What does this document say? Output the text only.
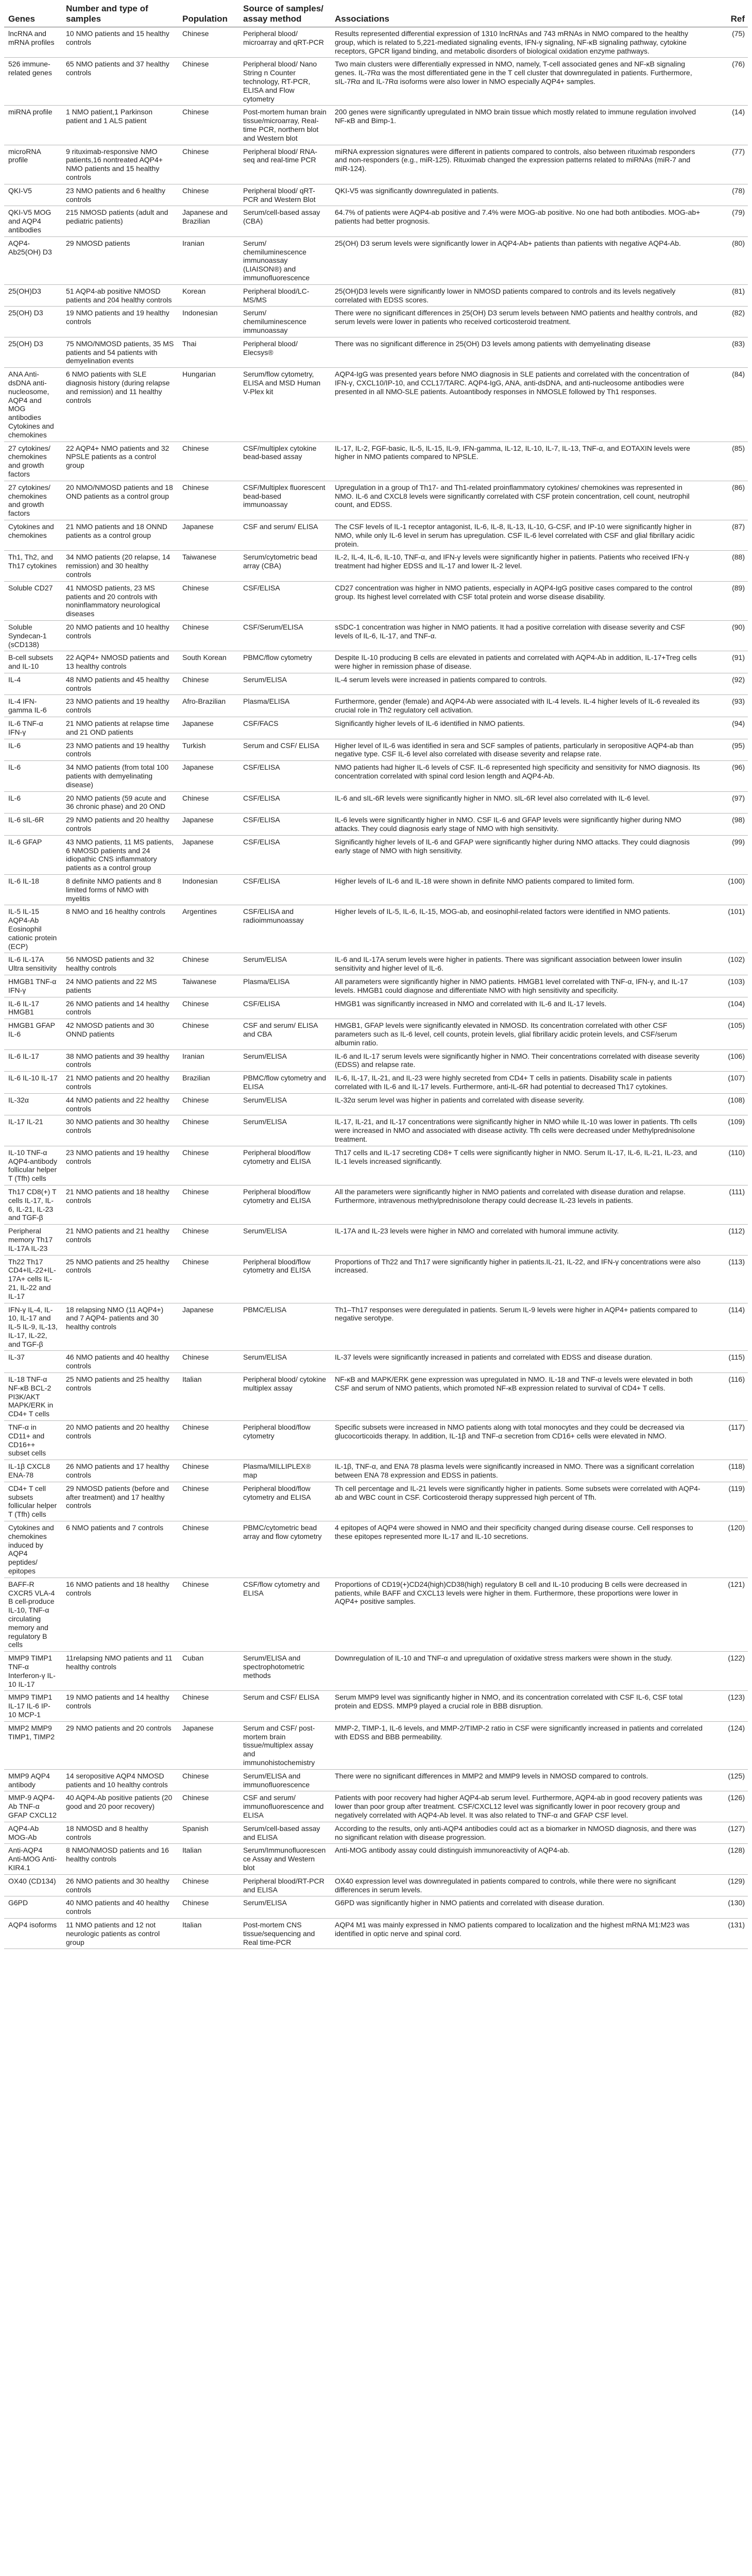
Genes	Number and type of samples	Population	Source of samples/ assay method	Associations	Ref
lncRNA and mRNA profiles	10 NMO patients and 15 healthy controls	Chinese	Peripheral blood/ microarray and qRT-PCR	Results represented differential expression of 1310 lncRNAs and 743 mRNAs in NMO compared to the healthy group, which is related to 5,221-mediated signaling events, IFN-γ signaling, NF-κB signaling pathway, cytokine receptors, GPCR ligand binding, and metabolic disorders of biological oxidation enzyme pathways.	(75)
526 immune-related genes	65 NMO patients and 37 healthy controls	Chinese	Peripheral blood/ Nano String n Counter technology, RT-PCR, ELISA and Flow cytometry	Two main clusters were differentially expressed in NMO, namely, T-cell associated genes and NF-κB signaling genes. IL-7Rα was the most differentiated gene in the T cell cluster that downregulated in patients. Furthermore, sIL-7Rα and IL-7Rα isoforms were also lower in NMO especially AQP4+ samples.	(76)
miRNA profile	1 NMO patient,1 Parkinson patient and 1 ALS patient	Chinese	Post-mortem human brain tissue/microarray, Real-time PCR, northern blot and Western blot	200 genes were significantly upregulated in NMO brain tissue which mostly related to immune regulation involved NF-κB and Bimp-1.	(14)
microRNA profile	9 rituximab-responsive NMO patients,16 nontreated AQP4+ NMO patients and 15 healthy controls	Chinese	Peripheral blood/ RNA-seq and real-time PCR	miRNA expression signatures were different in patients compared to controls, also between rituximab responders and non-responders (e.g., miR-125). Rituximab changed the expression patterns related to miRNAs (miR-7 and miR-124).	(77)
QKI-V5	23 NMO patients and 6 healthy controls	Chinese	Peripheral blood/ qRT-PCR and Western Blot	QKI-V5 was significantly downregulated in patients.	(78)
QKI-V5 MOG and AQP4 antibodies	215 NMOSD patients (adult and pediatric patients)	Japanese and Brazilian	Serum/cell-based assay (CBA)	64.7% of patients were AQP4-ab positive and 7.4% were MOG-ab positive. No one had both antibodies. MOG-ab+ patients had better prognosis.	(79)
AQP4-Ab25(OH) D3	29 NMOSD patients	Iranian	Serum/ chemiluminescence immunoassay (LIAISON®) and immunofluorescence	25(OH) D3 serum levels were significantly lower in AQP4-Ab+ patients than patients with negative AQP4-Ab.	(80)
25(OH)D3	51 AQP4-ab positive NMOSD patients and 204 healthy controls	Korean	Peripheral blood/LC-MS/MS	25(OH)D3 levels were significantly lower in NMOSD patients compared to controls and its levels negatively correlated with EDSS scores.	(81)
25(OH) D3	19 NMO patients and 19 healthy controls	Indonesian	Serum/ chemiluminescence immunoassay	There were no significant differences in 25(OH) D3 serum levels between NMO patients and healthy controls, and serum levels were lower in patients who received corticosteroid treatment.	(82)
25(OH) D3	75 NMO/NMOSD patients, 35 MS patients and 54 patients with demyelination events	Thai	Peripheral blood/ Elecsys®	There was no significant difference in 25(OH) D3 levels among patients with demyelinating disease	(83)
ANA Anti-dsDNA anti-nucleosome, AQP4 and MOG antibodies Cytokines and chemokines	6 NMO patients with SLE diagnosis history (during relapse and remission) and 11 healthy controls	Hungarian	Serum/flow cytometry, ELISA and MSD Human V-Plex kit	AQP4-IgG was presented years before NMO diagnosis in SLE patients and correlated with the concentration of IFN-γ, CXCL10/IP-10, and CCL17/TARC. AQP4-IgG, ANA, anti-dsDNA, and anti-nucleosome antibodies were presented in all NMO-SLE patients. Autoantibody responses in NMOSLE followed by Th1 responses.	(84)
27 cytokines/ chemokines and growth factors	22 AQP4+ NMO patients and 32 NPSLE patients as a control group	Chinese	CSF/multiplex cytokine bead-based assay	IL-17, IL-2, FGF-basic, IL-5, IL-15, IL-9, IFN-gamma, IL-12, IL-10, IL-7, IL-13, TNF-α, and EOTAXIN levels were higher in NMO patients compared to NPSLE.	(85)
27 cytokines/ chemokines and growth factors	20 NMO/NMOSD patients and 18 OND patients as a control group	Chinese	CSF/Multiplex fluorescent bead-based immunoassay	Upregulation in a group of Th17- and Th1-related proinflammatory cytokines/ chemokines was represented in NMO. IL-6 and CXCL8 levels were significantly correlated with CSF protein concentration, cell count, neutrophil count, and EDSS.	(86)
Cytokines and chemokines	21 NMO patients and 18 ONND patients as a control group	Japanese	CSF and serum/ ELISA	The CSF levels of IL-1 receptor antagonist, IL-6, IL-8, IL-13, IL-10, G-CSF, and IP-10 were significantly higher in NMO, while only IL-6 level in serum has upregulation. CSF IL-6 level correlated with CSF and glial fibrillary acidic protein.	(87)
Th1, Th2, and Th17 cytokines	34 NMO patients (20 relapse, 14 remission) and 30 healthy controls	Taiwanese	Serum/cytometric bead array (CBA)	IL-2, IL-4, IL-6, IL-10, TNF-α, and IFN-γ levels were significantly higher in patients. Patients who received IFN-γ treatment had higher EDSS and IL-17 and lower IL-2 level.	(88)
Soluble CD27	41 NMOSD patients, 23 MS patients and 20 controls with noninflammatory neurological diseases	Chinese	CSF/ELISA	CD27 concentration was higher in NMO patients, especially in AQP4-IgG positive cases compared to the control group. Its highest level correlated with CSF total protein and worse disease disability.	(89)
Soluble Syndecan-1 (sCD138)	20 NMO patients and 10 healthy controls	Chinese	CSF/Serum/ELISA	sSDC-1 concentration was higher in NMO patients. It had a positive correlation with disease severity and CSF levels of IL-6, IL-17, and TNF-α.	(90)
B-cell subsets and IL-10	22 AQP4+ NMOSD patients and 13 healthy controls	South Korean	PBMC/flow cytometry	Despite IL-10 producing B cells are elevated in patients and correlated with AQP4-Ab in addition, IL-17+Treg cells were higher in remission phase of disease.	(91)
IL-4	48 NMO patients and 45 healthy controls	Chinese	Serum/ELISA	IL-4 serum levels were increased in patients compared to controls.	(92)
IL-4 IFN-gamma IL-6	23 NMO patients and 19 healthy controls	Afro-Brazilian	Plasma/ELISA	Furthermore, gender (female) and AQP4-Ab were associated with IL-4 levels. IL-4 higher levels of IL-6 revealed its crucial role in Th2 regulatory cell activation.	(93)
IL-6 TNF-α IFN-γ	21 NMO patients at relapse time and 21 OND patients	Japanese	CSF/FACS	Significantly higher levels of IL-6 identified in NMO patients.	(94)
IL-6	23 NMO patients and 19 healthy controls	Turkish	Serum and CSF/ ELISA	Higher level of IL-6 was identified in sera and SCF samples of patients, particularly in seropositive AQP4-ab than negative type. CSF IL-6 level also correlated with disease severity and relapse rate.	(95)
IL-6	34 NMO patients (from total 100 patients with demyelinating disease)	Japanese	CSF/ELISA	NMO patients had higher IL-6 levels of CSF. IL-6 represented high specificity and sensitivity for NMO diagnosis. Its concentration correlated with spinal cord lesion length and AQP4-Ab.	(96)
IL-6	20 NMO patients (59 acute and 36 chronic phase) and 20 OND	Chinese	CSF/ELISA	IL-6 and sIL-6R levels were significantly higher in NMO. sIL-6R level also correlated with IL-6 level.	(97)
IL-6 sIL-6R	29 NMO patients and 20 healthy controls	Japanese	CSF/ELISA	IL-6 levels were significantly higher in NMO. CSF IL-6 and GFAP levels were significantly higher during NMO attacks. They could diagnosis early stage of NMO with high sensitivity.	(98)
IL-6 GFAP	43 NMO patients, 11 MS patients, 6 NMOSD patients and 24 idiopathic CNS inflammatory patients as a control group	Japanese	CSF/ELISA	Significantly higher levels of IL-6 and GFAP were significantly higher during NMO attacks. They could diagnosis early stage of NMO with high sensitivity.	(99)
IL-6 IL-18	8 definite NMO patients and 8 limited forms of NMO with myelitis	Indonesian	CSF/ELISA	Higher levels of IL-6 and IL-18 were shown in definite NMO patients compared to limited form.	(100)
IL-5 IL-15 AQP4-Ab Eosinophil cationic protein (ECP)	8 NMO and 16 healthy controls	Argentines	CSF/ELISA and radioimmunoassay	Higher levels of IL-5, IL-6, IL-15, MOG-ab, and eosinophil-related factors were identified in NMO patients.	(101)
IL-6 IL-17A Ultra sensitivity	56 NMOSD patients and 32 healthy controls	Chinese	Serum/ELISA	IL-6 and IL-17A serum levels were higher in patients. There was significant association between lower insulin sensitivity and higher level of IL-6.	(102)
HMGB1 TNF-α IFN-γ	24 NMO patients and 22 MS patients	Taiwanese	Plasma/ELISA	All parameters were significantly higher in NMO patients. HMGB1 level correlated with TNF-α, IFN-γ, and IL-17 levels. HMGB1 could diagnose and differentiate NMO with high sensitivity and specificity.	(103)
IL-6 IL-17 HMGB1	26 NMO patients and 14 healthy controls	Chinese	CSF/ELISA	HMGB1 was significantly increased in NMO and correlated with IL-6 and IL-17 levels.	(104)
HMGB1 GFAP IL-6	42 NMOSD patients and 30 ONND patients	Chinese	CSF and serum/ ELISA and CBA	HMGB1, GFAP levels were significantly elevated in NMOSD. Its concentration correlated with other CSF parameters such as IL-6 level, cell counts, protein levels, glial fibrillary acidic protein levels, and CSF/serum albumin ratio.	(105)
IL-6 IL-17	38 NMO patients and 39 healthy controls	Iranian	Serum/ELISA	IL-6 and IL-17 serum levels were significantly higher in NMO. Their concentrations correlated with disease severity (EDSS) and relapse rate.	(106)
IL-6 IL-10 IL-17	21 NMO patients and 20 healthy controls	Brazilian	PBMC/flow cytometry and ELISA	IL-6, IL-17, IL-21, and IL-23 were highly secreted from CD4+ T cells in patients. Disability scale in patients correlated with IL-6 and IL-17 levels. Furthermore, anti-IL-6R had potential to decreased Th17 cytokines.	(107)
IL-32α	44 NMO patients and 22 healthy controls	Chinese	Serum/ELISA	IL-32α serum level was higher in patients and correlated with disease severity.	(108)
IL-17 IL-21	30 NMO patients and 30 healthy controls	Chinese	Serum/ELISA	IL-17, IL-21, and IL-17 concentrations were significantly higher in NMO while IL-10 was lower in patients. Tfh cells were increased in NMO and associated with disease activity. Tfh cells were decreased under Methylprednisolone treatment.	(109)
IL-10 TNF-α AQP4-antibody follicular helper T (Tfh) cells	23 NMO patients and 19 healthy controls	Chinese	Peripheral blood/flow cytometry and ELISA	Th17 cells and IL-17 secreting CD8+ T cells were significantly higher in NMO. Serum IL-17, IL-6, IL-21, IL-23, and IL-1 levels increased significantly.	(110)
Th17 CD8(+) T cells IL-17, IL-6, IL-21, IL-23 and TGF-β	21 NMO patients and 18 healthy controls	Chinese	Peripheral blood/flow cytometry and ELISA	All the parameters were significantly higher in NMO patients and correlated with disease duration and relapse. Furthermore, intravenous methylprednisolone therapy could decrease IL-23 levels in patients.	(111)
Peripheral memory Th17 IL-17A IL-23	21 NMO patients and 21 healthy controls	Chinese	Serum/ELISA	IL-17A and IL-23 levels were higher in NMO and correlated with humoral immune activity.	(112)
Th22 Th17 CD4+IL-22+IL-17A+ cells IL-21, IL-22 and IL-17	25 NMO patients and 25 healthy controls	Chinese	Peripheral blood/flow cytometry and ELISA	Proportions of Th22 and Th17 were significantly higher in patients.IL-21, IL-22, and IFN-γ concentrations were also increased.	(113)
IFN-γ IL-4, IL-10, IL-17 and IL-5 IL-9, IL-13, IL-17, IL-22, and TGF-β	18 relapsing NMO (11 AQP4+) and 7 AQP4- patients and 30 healthy controls	Japanese	PBMC/ELISA	Th1–Th17 responses were deregulated in patients. Serum IL-9 levels were higher in AQP4+ patients compared to negative serotype.	(114)
IL-37	46 NMO patients and 40 healthy controls	Chinese	Serum/ELISA	IL-37 levels were significantly increased in patients and correlated with EDSS and disease duration.	(115)
IL-18 TNF-α NF-κB BCL-2 PI3K/AKT MAPK/ERK in CD4+ T cells	25 NMO patients and 25 healthy controls	Italian	Peripheral blood/ cytokine multiplex assay	NF-κB and MAPK/ERK gene expression was upregulated in NMO. IL-18 and TNF-α levels were elevated in both CSF and serum of NMO patients, which promoted NF-κB expression related to survival of CD4+ T cells.	(116)
TNF-α in CD11+ and CD16++ subset cells	20 NMO patients and 20 healthy controls	Chinese	Peripheral blood/flow cytometry	Specific subsets were increased in NMO patients along with total monocytes and they could be decreased via glucocorticoids therapy. In addition, IL-1β and TNF-α secretion from CD16+ cells were elevated in NMO.	(117)
IL-1β CXCL8 ENA-78	26 NMO patients and 17 healthy controls	Chinese	Plasma/MILLIPLEX® map	IL-1β, TNF-α, and ENA 78 plasma levels were significantly increased in NMO. There was a significant correlation between ENA 78 expression and EDSS in patients.	(118)
CD4+ T cell subsets follicular helper T (Tfh) cells	29 NMOSD patients (before and after treatment) and 17 healthy controls	Chinese	Peripheral blood/flow cytometry and ELISA	Th cell percentage and IL-21 levels were significantly higher in patients. Some subsets were correlated with AQP4-ab and WBC count in CSF. Corticosteroid therapy suppressed high percent of Tfh.	(119)
Cytokines and chemokines induced by AQP4 peptides/ epitopes	6 NMO patients and 7 controls	Chinese	PBMC/cytometric bead array and flow cytometry	4 epitopes of AQP4 were showed in NMO and their specificity changed during disease course. Cell responses to these epitopes represented more IL-17 and IL-10 secretions.	(120)
BAFF-R CXCR5 VLA-4 B cell-produce IL-10, TNF-α circulating memory and regulatory B cells	16 NMO patients and 18 healthy controls	Chinese	CSF/flow cytometry and ELISA	Proportions of CD19(+)CD24(high)CD38(high) regulatory B cell and IL-10 producing B cells were decreased in patients, while BAFF and CXCL13 levels were higher in them. Furthermore, these proportions were lower in AQP4+ positive samples.	(121)
MMP9 TIMP1 TNF-α Interferon-γ IL-10 IL-17	11relapsing NMO patients and 11 healthy controls	Cuban	Serum/ELISA and spectrophotometric methods	Downregulation of IL-10 and TNF-α and upregulation of oxidative stress markers were shown in the study.	(122)
MMP9 TIMP1 IL-17 IL-6 IP-10 MCP-1	19 NMO patients and 14 healthy controls	Chinese	Serum and CSF/ ELISA	Serum MMP9 level was significantly higher in NMO, and its concentration correlated with CSF IL-6, CSF total protein and EDSS. MMP9 played a crucial role in BBB disruption.	(123)
MMP2 MMP9 TIMP1, TIMP2	29 NMO patients and 20 controls	Japanese	Serum and CSF/ post-mortem brain tissue/multiplex assay and immunohistochemistry	MMP-2, TIMP-1, IL-6 levels, and MMP-2/TIMP-2 ratio in CSF were significantly increased in patients and correlated with EDSS and BBB permeability.	(124)
MMP9 AQP4 antibody	14 seropositive AQP4 NMOSD patients and 10 healthy controls	Chinese	Serum/ELISA and immunofluorescence	There were no significant differences in MMP2 and MMP9 levels in NMOSD compared to controls.	(125)
MMP-9 AQP4-Ab TNF-α GFAP CXCL12	40 AQP4-Ab positive patients (20 good and 20 poor recovery)	Chinese	CSF and serum/ immunofluorescence and ELISA	Patients with poor recovery had higher AQP4-ab serum level. Furthermore, AQP4-ab in good recovery patients was lower than poor group after treatment. CSF/CXCL12 level was significantly lower in poor recovery group and negatively correlated with AQP4-Ab level. It was also related to TNF-α and GFAP CSF level.	(126)
AQP4-Ab MOG-Ab	18 NMOSD and 8 healthy controls	Spanish	Serum/cell-based assay and ELISA	According to the results, only anti-AQP4 antibodies could act as a biomarker in NMOSD diagnosis, and there was no significant relation with disease progression.	(127)
Anti-AQP4 Anti-MOG Anti-KIR4.1	8 NMO/NMOSD patients and 16 healthy controls	Italian	Serum/Immunofluorescence Assay and Western blot	Anti-MOG antibody assay could distinguish immunoreactivity of AQP4-ab.	(128)
OX40 (CD134)	26 NMO patients and 30 healthy controls	Chinese	Peripheral blood/RT-PCR and ELISA	OX40 expression level was downregulated in patients compared to controls, while there were no significant differences in serum levels.	(129)
G6PD	40 NMO patients and 40 healthy controls	Chinese	Serum/ELISA	G6PD was significantly higher in NMO patients and correlated with disease duration.	(130)
AQP4 isoforms	11 NMO patients and 12 not neurologic patients as control group	Italian	Post-mortem CNS tissue/sequencing and Real time-PCR	AQP4 M1 was mainly expressed in NMO patients compared to localization and the highest mRNA M1:M23 was identified in optic nerve and spinal cord.	(131)
